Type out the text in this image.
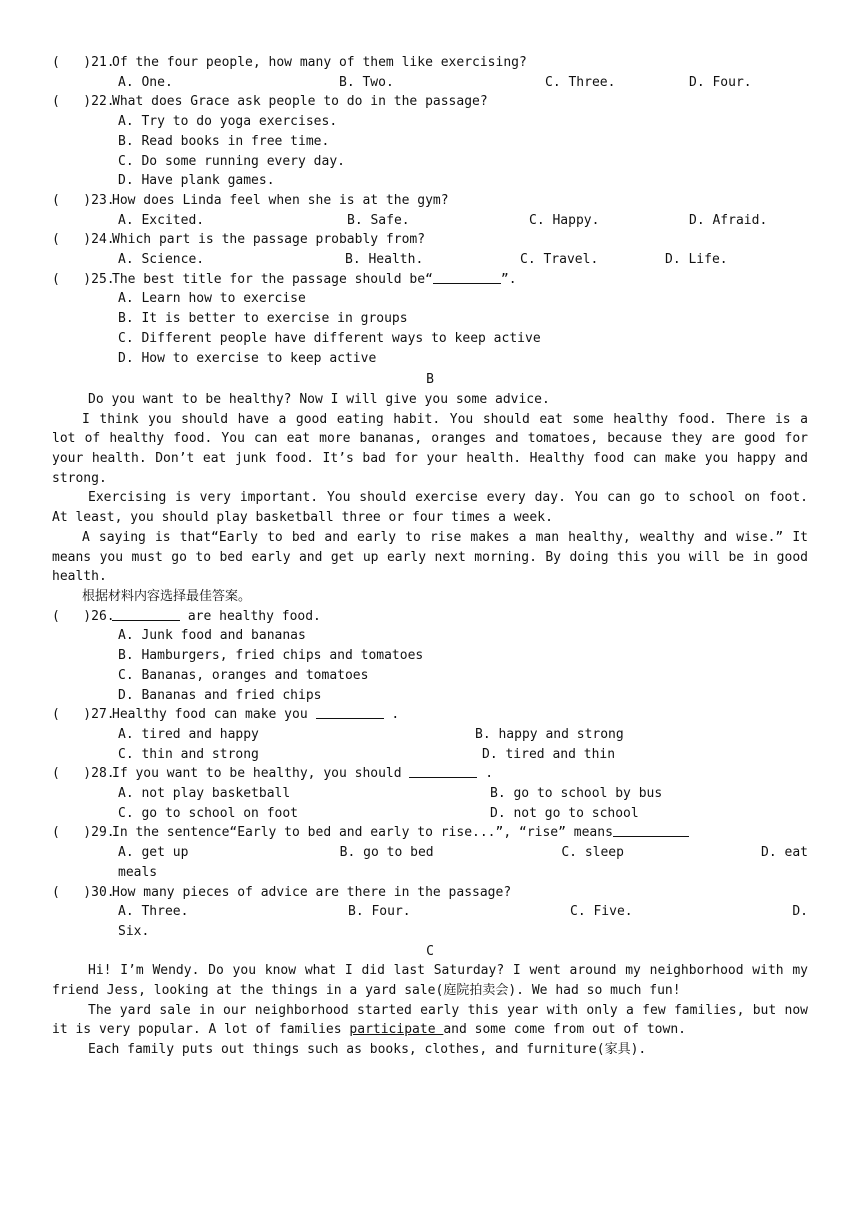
(   )21.
Of the four people, how many of them like exercising?
A. One.	B. Two.	C. Three.	D. Four.
(   )22.
What does Grace ask people to do in the passage?
A. Try to do yoga exercises.
B. Read books in free time.
C. Do some running every day.
D. Have plank games.
(   )23.
How does Linda feel when she is at the gym?
A. Excited.	B. Safe.	C. Happy.	D. Afraid.
(   )24.
Which part is the passage probably from?
A. Science.	B. Health.	C. Travel.	D. Life.
(   )25.
The best title for the passage should be“	”.
A. Learn how to exercise
B. It is better to exercise in groups
C. Different people have different ways to keep active
D. How to exercise to keep active
B
Do you want to be healthy? Now I will give you some advice.
I think you should have a good eating habit. You should eat some healthy food. There is a lot of healthy food. You can eat more bananas, oranges and tomatoes, because they are good for your health. Don’t eat junk food. It’s bad for your health. Healthy food can make you happy and strong.
Exercising is very important. You should exercise every day. You can go to school on foot. At least, you should play basketball three or four times a week.
A saying is that“Early to bed and early to rise makes a man healthy, wealthy and wise.” It means you must go to bed early and get up early next morning. By doing this you will be in good health.
根据材料内容选择最佳答案。
(   )26.	are healthy food.
A. Junk food and bananas
B. Hamburgers, fried chips and tomatoes
C. Bananas, oranges and tomatoes
D. Bananas and fried chips
(   )27.
Healthy food can make you	.
A. tired and happy	B. happy and strong
C. thin and strong	D. tired and thin
(   )28.
If you want to be healthy, you should	.
A. not play basketball	B. go to school by bus
C. go to school on foot	D. not go to school
(   )29.
In the sentence“Early to bed and early to rise...”, “rise” means
A. get up	B. go to bed	C. sleep	D. eat
meals
(   )30.
How many pieces of advice are there in the passage?
A. Three.	B. Four.	C. Five.	D.
Six.
C
Hi! I’m Wendy. Do you know what I did last Saturday? I went around my neighborhood with my friend Jess, looking at the things in a yard sale(庭院拍卖会). We had so much fun!
The yard sale in our neighborhood started early this year with only a few families, but now it is very popular. A lot of families participate and some come from out of town.
Each family puts out things such as books, clothes, and furniture(家具).
